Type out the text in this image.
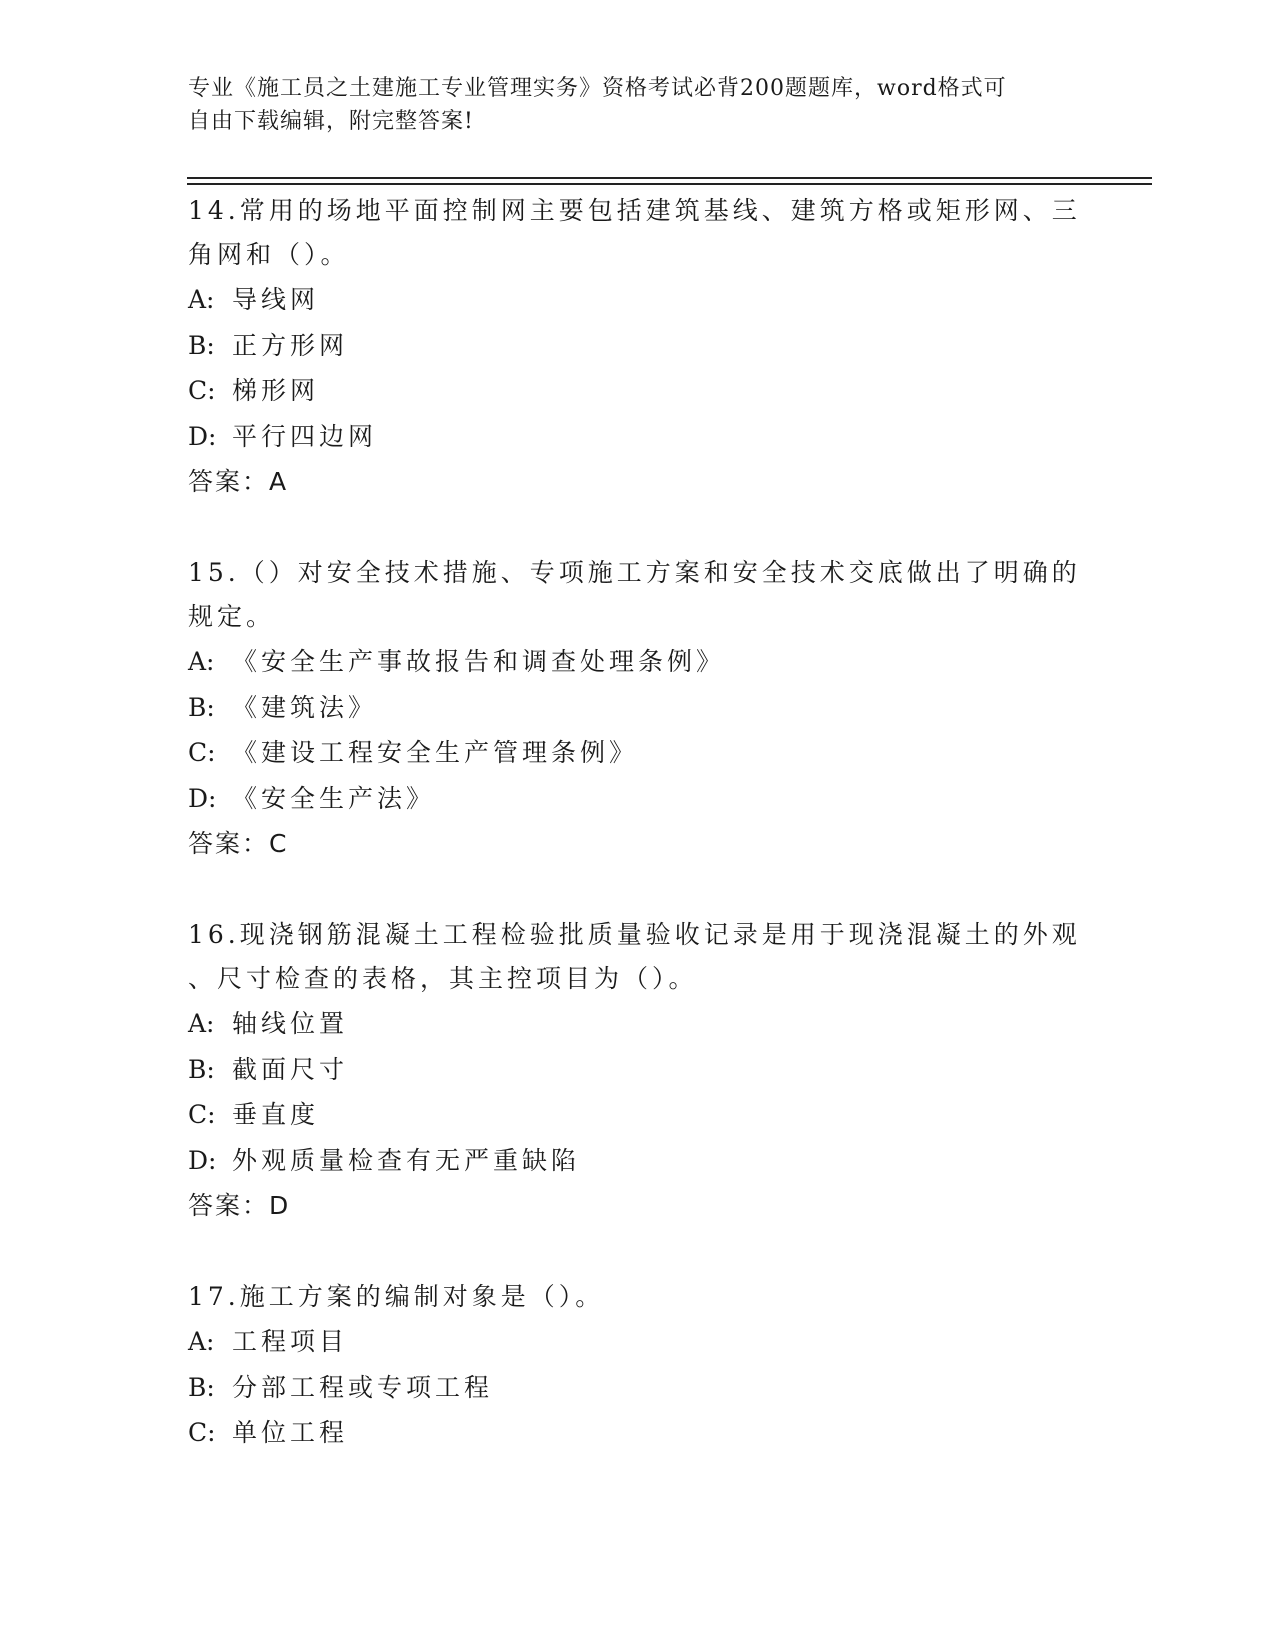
专业《施工员之土建施工专业管理实务》资格考试必背200题题库，word格式可
自由下载编辑，附完整答案!
14.常用的场地平面控制网主要包括建筑基线、建筑方格或矩形网、三
角网和（）。
A: 导线网
B: 正方形网
C: 梯形网
D: 平行四边网
答案：A
15.（）对安全技术措施、专项施工方案和安全技术交底做出了明确的
规定。
A: 《安全生产事故报告和调查处理条例》
B: 《建筑法》
C: 《建设工程安全生产管理条例》
D: 《安全生产法》
答案：C
16.现浇钢筋混凝土工程检验批质量验收记录是用于现浇混凝土的外观
、尺寸检查的表格，其主控项目为（）。
A: 轴线位置
B: 截面尺寸
C: 垂直度
D: 外观质量检查有无严重缺陷
答案：D
17.施工方案的编制对象是（）。
A: 工程项目
B: 分部工程或专项工程
C: 单位工程
